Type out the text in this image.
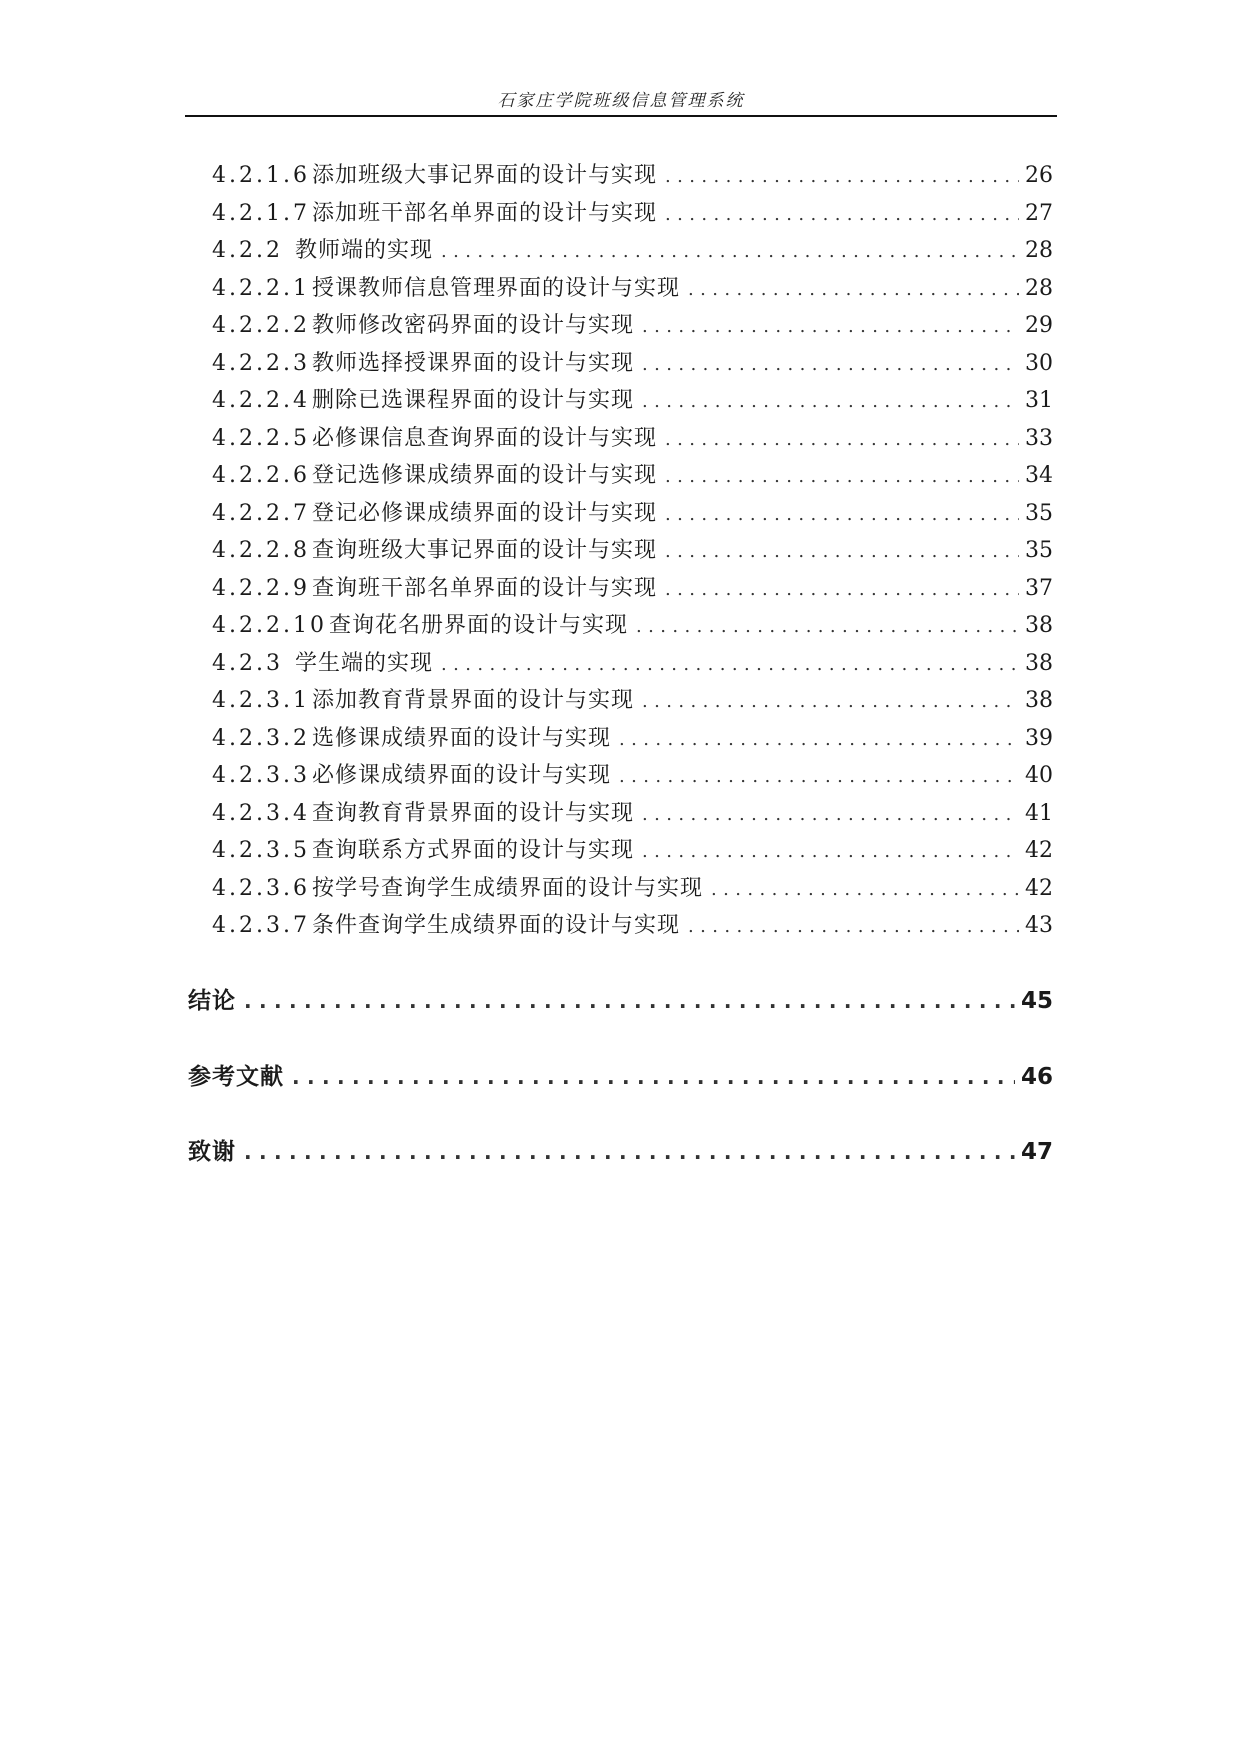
石家庄学院班级信息管理系统
4.2.1.6 添加班级大事记界面的设计与实现 .....	26
4.2.1.7 添加班干部名单界面的设计与实现 .....	27
4.2.2 教师端的实现 .....	28
4.2.2.1 授课教师信息管理界面的设计与实现 .....	28
4.2.2.2 教师修改密码界面的设计与实现 .....	29
4.2.2.3 教师选择授课界面的设计与实现 .....	30
4.2.2.4 删除已选课程界面的设计与实现 .....	31
4.2.2.5 必修课信息查询界面的设计与实现 .....	33
4.2.2.6 登记选修课成绩界面的设计与实现 .....	34
4.2.2.7 登记必修课成绩界面的设计与实现 .....	35
4.2.2.8 查询班级大事记界面的设计与实现 .....	35
4.2.2.9 查询班干部名单界面的设计与实现 .....	37
4.2.2.10 查询花名册界面的设计与实现 .....	38
4.2.3 学生端的实现 .....	38
4.2.3.1 添加教育背景界面的设计与实现 .....	38
4.2.3.2 选修课成绩界面的设计与实现 .....	39
4.2.3.3 必修课成绩界面的设计与实现 .....	40
4.2.3.4 查询教育背景界面的设计与实现 .....	41
4.2.3.5 查询联系方式界面的设计与实现 .....	42
4.2.3.6 按学号查询学生成绩界面的设计与实现 .....	42
4.2.3.7 条件查询学生成绩界面的设计与实现 .....	43
结论 .....	45
参考文献 .....	46
致谢 .....	47
